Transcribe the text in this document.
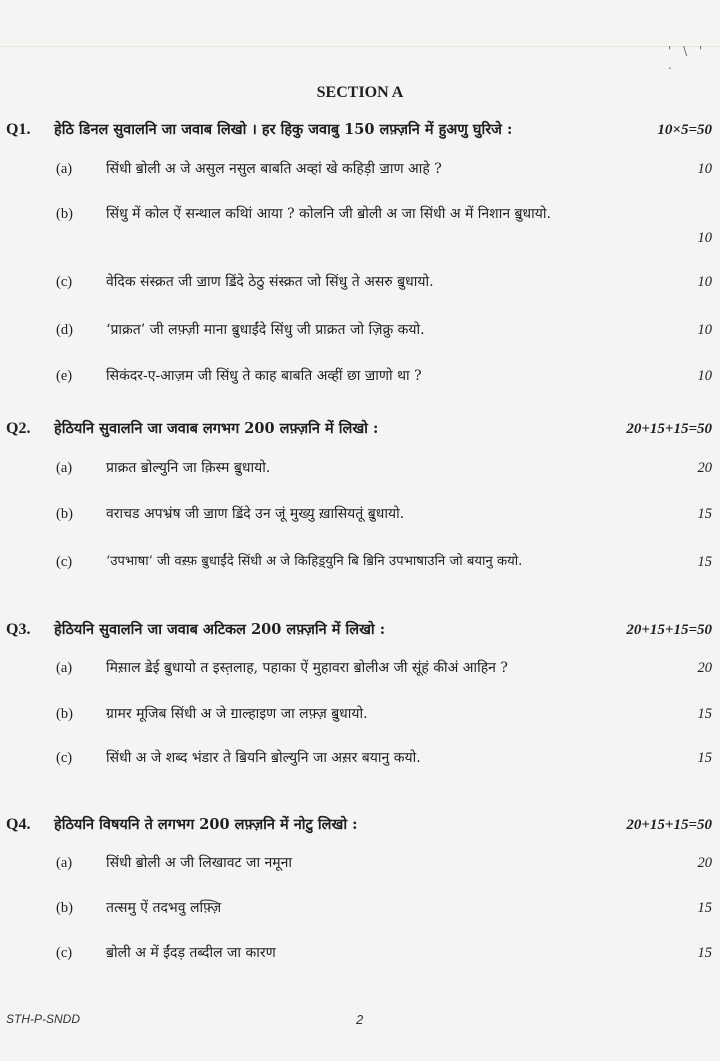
' \ ' .
SECTION A
Q1. हेठि डिनल सुवालनि जा जवाब लिखो । हर हिकु जवाबु 150 लफ़्ज़नि में हुअणु घुरिजे :	10×5=50
(a) सिंधी ॿोली अ जे असुल नसुल बाबति अव्हां खे कहिड़ी ॼाण आहे ?	10
(b) सिंधु में कोल ऐं सन्थाल कथिां आया ? कोलनि जी ॿोली अ जा सिंधी अ में निशान ॿुधायो.
10
(c) वेदिक संस्क्रत जी ॼाण ॾिंदे ठेठु संस्क्रत जो सिंधु ते असरु ॿुधायो.	10
(d) ‘प्राक्रत’ जी लफ़्ज़ी माना ॿुधाईंदे सिंधु जी प्राक्रत जो ज़िक्रु कयो.	10
(e) सिकंदर-ए-आज़म जी सिंधु ते काह बाबति अव्हीं छा ॼाणो था ?	10
Q2. हेठियनि सुवालनि जा जवाब लगभग 200 लफ़्ज़नि में लिखो :	20+15+15=50
(a) प्राक्रत ॿोल्युनि जा क़िस्म ॿुधायो.	20
(b) वराचड अपभ्रंष जी ॼाण ॾिंदे उन जूं मुख्यु ख़ासियतूं ॿुधायो.	15
(c)	‘उपभाषा’ जी वस़्फ़ ॿुधाईंदे सिंधी अ जे किहिड़्युनि बि ॿिनि उपभाषाउनि जो बयानु कयो.	15
Q3. हेठियनि सुवालनि जा जवाब अटिकल 200 लफ़्ज़नि में लिखो :	20+15+15=50
(a) मिस़ाल ॾेई ॿुधायो त इस्त़लाह, पहाका ऐं मुहावरा ॿोलीअ जी सूंहं कीअं आहिन ?	20
(b) ग्रामर मूजिब सिंधी अ जे ॻाल्हाइण जा लफ़्ज़ ॿुधायो.	15
(c) सिंधी अ जे शब्द भंडार ते ॿियनि ॿोल्युनि जा अस़र बयानु कयो.	15
Q4. हेठियनि विषयनि ते लगभग 200 लफ़्ज़नि में नोटु लिखो :	20+15+15=50
(a) सिंधी ॿोली अ जी लिखावट जा नमूना	20
(b) तत्समु ऐं तदभवु लफ़्ज़ि	15
(c) ॿोली अ में ईंदड़ तब्दील जा कारण	15
STH-P-SNDD	2
